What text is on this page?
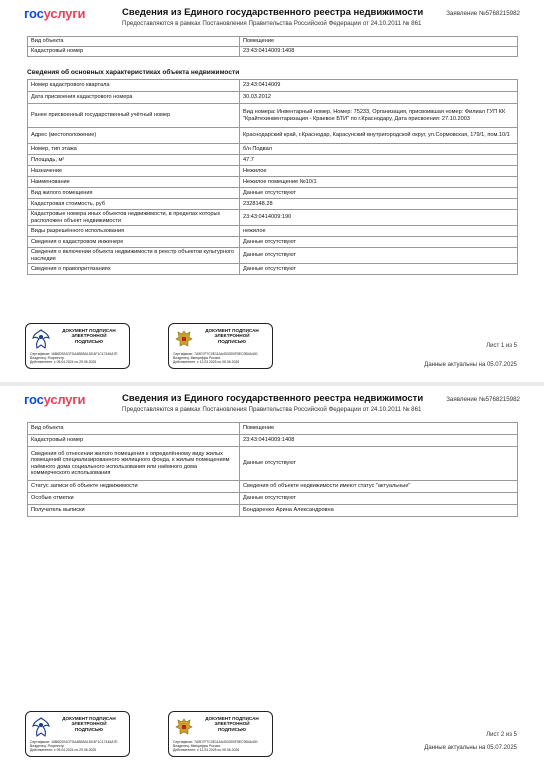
госуслуги	Сведения из Единого государственного реестра недвижимости
Предоставляются в рамках Постановления Правительства Российской Федерации от 24.10.2011 № 861
Заявление №5768215982
Вид объекта	Помещение
Кадастровый номер	23:43:0414009:1408
Сведения об основных характеристиках объекта недвижимости
Номер кадастрового квартала	23:43:0414009
Дата присвоения кадастрового номера	30.03.2012
Ранее присвоенный государственный учётный номер	Вид номера: Инвентарный номер, Номер: 75233, Организация, присвоившая номер: Филиал ГУП КК "Крайтехинвентаризация - Краевое БТИ" по г.Краснодару, Дата присвоения: 27.10.2003
Адрес (местоположение)	Краснодарский край, г.Краснодар, Карасунский внутригородской округ, ул.Сормовская, 179/1, пом.10/1
Номер, тип этажа	б/н Подвал
Площадь, м²	47.7
Назначение	Нежилое
Наименование	Нежилое помещение №10/1
Вид жилого помещения	Данные отсутствуют
Кадастровая стоимость, руб	2328148.28
Кадастровые номера иных объектов недвижимости, в пределах которых расположен объект недвижимости	23:43:0414009:190
Виды разрешённого использования	нежилое
Сведения о кадастровом инженере	Данные отсутствуют
Сведения о включении объекта недвижимости в реестр объектов культурного наследия	Данные отсутствуют
Сведения о правопритязаниях	Данные отсутствуют
ДОКУМЕНТ ПОДПИСАН
ЭЛЕКТРОННОЙ
ПОДПИСЬЮ
Сертификат: 16B6D924CFDA4BB9A1DE4F1C17446A7E
Владелец: Росреестр
Действителен: с 05.04.2024 по 29.06.2025
ДОКУМЕНТ ПОДПИСАН
ЭЛЕКТРОННОЙ
ПОДПИСЬЮ
Сертификат: 7A9D7F7C0E11AA4533D0F5EC9B4A400
Владелец: Минцифры России
Действителен: с 12.03.2025 по 05.06.2026
Лист 1 из 5
Данные актуальны на 05.07.2025
госуслуги	Сведения из Единого государственного реестра недвижимости
Предоставляются в рамках Постановления Правительства Российской Федерации от 24.10.2011 № 861
Заявление №5768215982
Вид объекта	Помещение
Кадастровый номер	23:43:0414009:1408
Сведения об отнесении жилого помещения к определённому виду жилых помещений специализированного жилищного фонда, к жилым помещениям наёмного дома социального использования или наёмного дома коммерческого использования	Данные отсутствуют
Статус записи об объекте недвижимости	Сведения об объекте недвижимости имеют статус "актуальные"
Особые отметки	Данные отсутствуют
Получатель выписки	Бондаренко Арина Александровна
ДОКУМЕНТ ПОДПИСАН
ЭЛЕКТРОННОЙ
ПОДПИСЬЮ
Сертификат: 16B6D924CFDA4BB9A1DE4F1C17446A7E
Владелец: Росреестр
Действителен: с 05.04.2024 по 29.06.2025
ДОКУМЕНТ ПОДПИСАН
ЭЛЕКТРОННОЙ
ПОДПИСЬЮ
Сертификат: 7A9D7F7C0E11AA4533D0F5EC9B4A400
Владелец: Минцифры России
Действителен: с 12.03.2025 по 05.06.2026
Лист 2 из 5
Данные актуальны на 05.07.2025
